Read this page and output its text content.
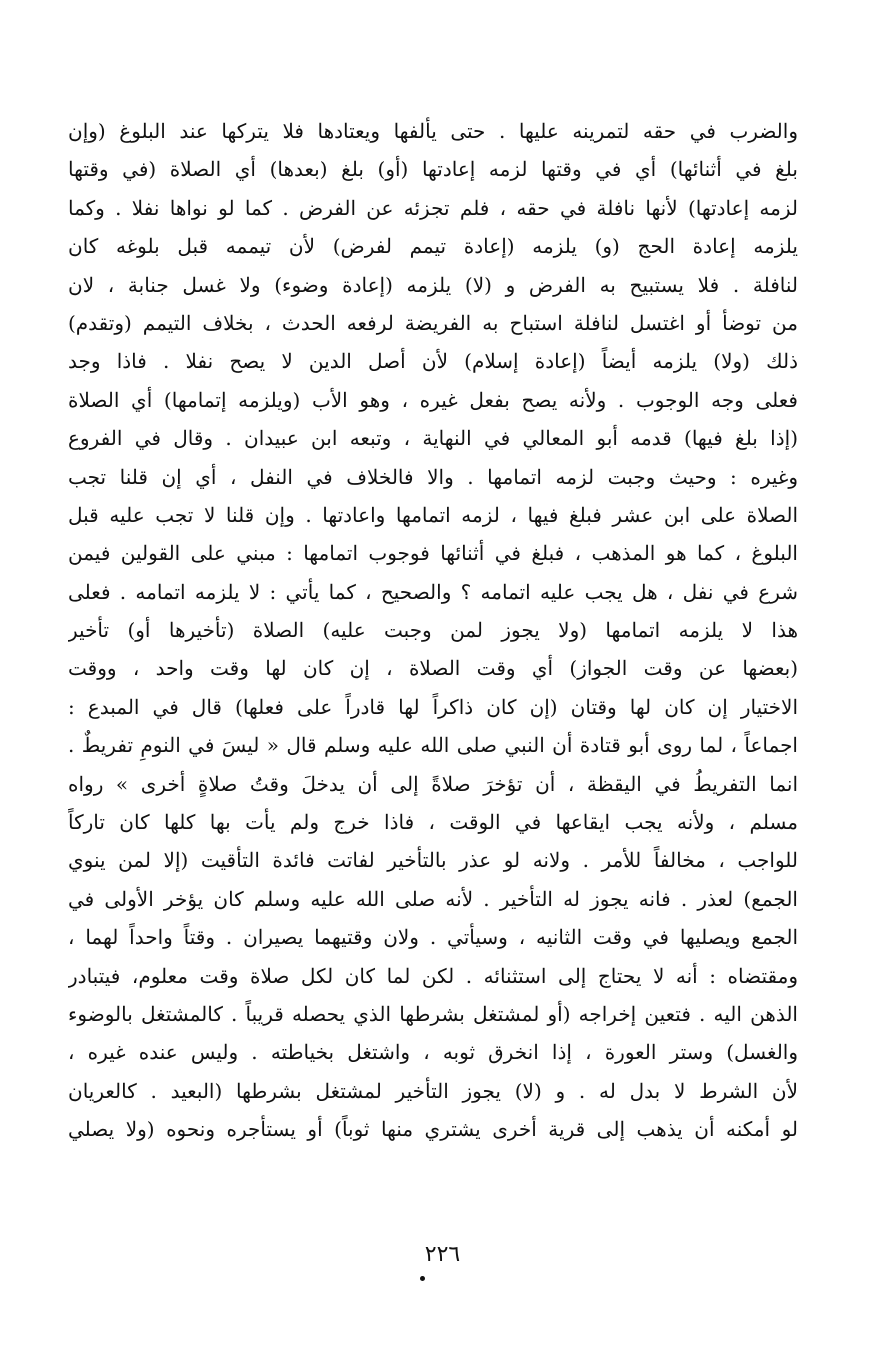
والضرب في حقه لتمرينه عليها . حتى يألفها ويعتادها فلا يتركها عند البلوغ (وإن
بلغ في أثنائها) أي في وقتها لزمه إعادتها (أو) بلغ (بعدها) أي الصلاة (في وقتها
لزمه إعادتها) لأنها نافلة في حقه ، فلم تجزئه عن الفرض . كما لو نواها نفلا . وكما
يلزمه إعادة الحج (و) يلزمه (إعادة تيمم لفرض) لأن تيممه قبل بلوغه كان
لنافلة . فلا يستبيح به الفرض و (لا) يلزمه (إعادة وضوء) ولا غسل جنابة ، لان
من توضأ أو اغتسل لنافلة استباح به الفريضة لرفعه الحدث ، بخلاف التيمم (وتقدم)
ذلك (ولا) يلزمه أيضاً (إعادة إسلام) لأن أصل الدين لا يصح نفلا . فاذا وجد
فعلى وجه الوجوب . ولأنه يصح بفعل غيره ، وهو الأب (ويلزمه إتمامها) أي الصلاة
(إذا بلغ فيها) قدمه أبو المعالي في النهاية ، وتبعه ابن عبيدان . وقال في الفروع
وغيره : وحيث وجبت لزمه اتمامها . والا فالخلاف في النفل ، أي إن قلنا تجب
الصلاة على ابن عشر فبلغ فيها ، لزمه اتمامها واعادتها . وإن قلنا لا تجب عليه قبل
البلوغ ، كما هو المذهب ، فبلغ في أثنائها فوجوب اتمامها : مبني على القولين فيمن
شرع في نفل ، هل يجب عليه اتمامه ؟ والصحيح ، كما يأتي : لا يلزمه اتمامه . فعلى
هذا لا يلزمه اتمامها (ولا يجوز لمن وجبت عليه) الصلاة (تأخيرها أو) تأخير
(بعضها عن وقت الجواز) أي وقت الصلاة ، إن كان لها وقت واحد ، ووقت
الاختيار إن كان لها وقتان (إن كان ذاكراً لها قادراً على فعلها) قال في المبدع :
اجماعاً ، لما روى أبو قتادة أن النبي صلى الله عليه وسلم قال « ليسَ في النومِ تفريطٌ .
انما التفريطُ في اليقظة ، أن تؤخرَ صلاةً إلى أن يدخلَ وقتُ صلاةٍ أخرى » رواه
مسلم ، ولأنه يجب ايقاعها في الوقت ، فاذا خرج ولم يأت بها كلها كان تاركاً
للواجب ، مخالفاً للأمر . ولانه لو عذر بالتأخير لفاتت فائدة التأقيت (إلا لمن ينوي
الجمع) لعذر . فانه يجوز له التأخير . لأنه صلى الله عليه وسلم كان يؤخر الأولى في
الجمع ويصليها في وقت الثانيه ، وسيأتي . ولان وقتيهما يصيران . وقتاً واحداً لهما ،
ومقتضاه : أنه لا يحتاج إلى استثنائه . لكن لما كان لكل صلاة وقت معلوم، فيتبادر
الذهن اليه . فتعين إخراجه (أو لمشتغل بشرطها الذي يحصله قريباً . كالمشتغل بالوضوء
والغسل) وستر العورة ، إذا انخرق ثوبه ، واشتغل بخياطته . وليس عنده غيره ،
لأن الشرط لا بدل له . و (لا) يجوز التأخير لمشتغل بشرطها (البعيد . كالعريان
لو أمكنه أن يذهب إلى قرية أخرى يشتري منها ثوباً) أو يستأجره ونحوه (ولا يصلي
٢٢٦
